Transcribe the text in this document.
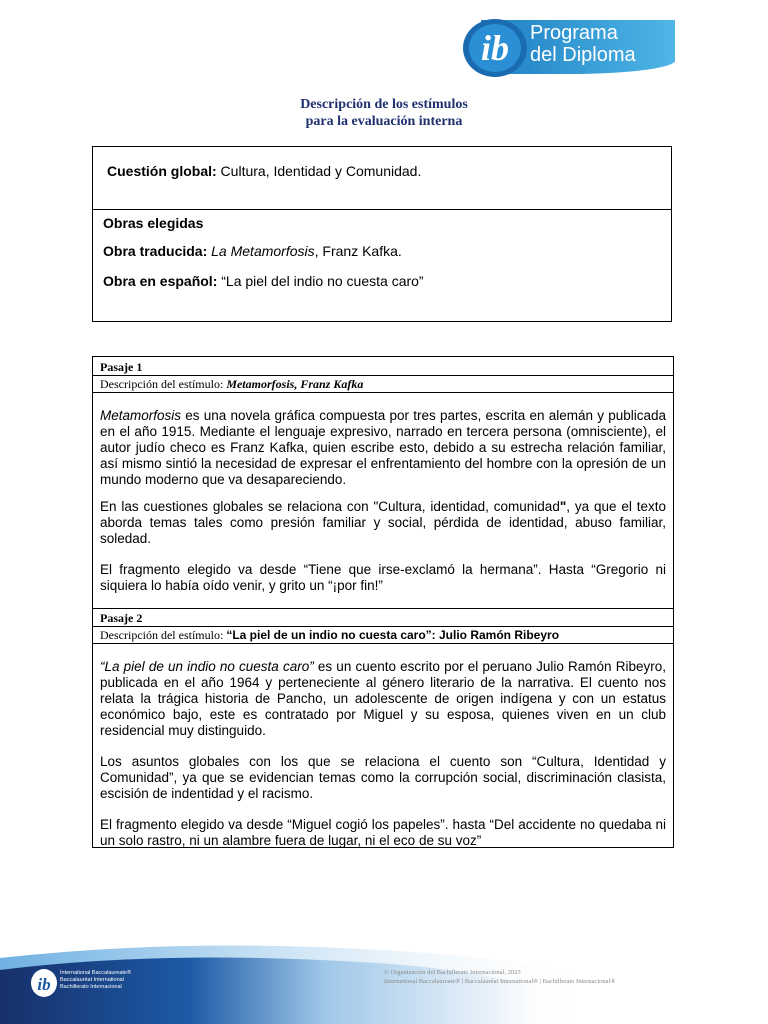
ib Programa
del Diploma
Descripción de los estímulos
para la evaluación interna
Cuestión global: Cultura, Identidad y Comunidad.
Obras elegidas
Obra traducida: La Metamorfosis, Franz Kafka.
Obra en español: “La piel del indio no cuesta caro”
Pasaje 1
Descripción del estímulo: Metamorfosis, Franz Kafka
Metamorfosis es una novela gráfica compuesta por tres partes, escrita en alemán y publicada en el año 1915. Mediante el lenguaje expresivo, narrado en tercera persona (omnisciente), el autor judío checo es Franz Kafka, quien escribe esto, debido a su estrecha relación familiar, así mismo sintió la necesidad de expresar el enfrentamiento del hombre con la opresión de un mundo moderno que va desapareciendo.
En las cuestiones globales se relaciona con "Cultura, identidad, comunidad", ya que el texto aborda temas tales como presión familiar y social, pérdida de identidad, abuso familiar, soledad.
El fragmento elegido va desde “Tiene que irse-exclamó la hermana”. Hasta “Gregorio ni siquiera lo había oído venir, y grito un “¡por fin!”
Pasaje 2
Descripción del estímulo: “La piel de un indio no cuesta caro”: Julio Ramón Ribeyro
“La piel de un indio no cuesta caro” es un cuento escrito por el peruano Julio Ramón Ribeyro, publicada en el año 1964 y perteneciente al género literario de la narrativa. El cuento nos relata la trágica historia de Pancho, un adolescente de origen indígena y con un estatus económico bajo, este es contratado por Miguel y su esposa, quienes viven en un club residencial muy distinguido.
Los asuntos globales con los que se relaciona el cuento son “Cultura, Identidad y Comunidad”, ya que se evidencian temas como la corrupción social, discriminación clasista, escisión de indentidad y el racismo.
El fragmento elegido va desde “Miguel cogió los papeles”. hasta “Del accidente no quedaba ni un solo rastro, ni un alambre fuera de lugar, ni el eco de su voz”
ib
International Baccalaureate®
Baccalauréat International
Bachillerato Internacional
© Organización del Bachillerato Internacional, 2023
International Baccalaureate® | Baccalauréat International® | Bachillerato Internacional®
